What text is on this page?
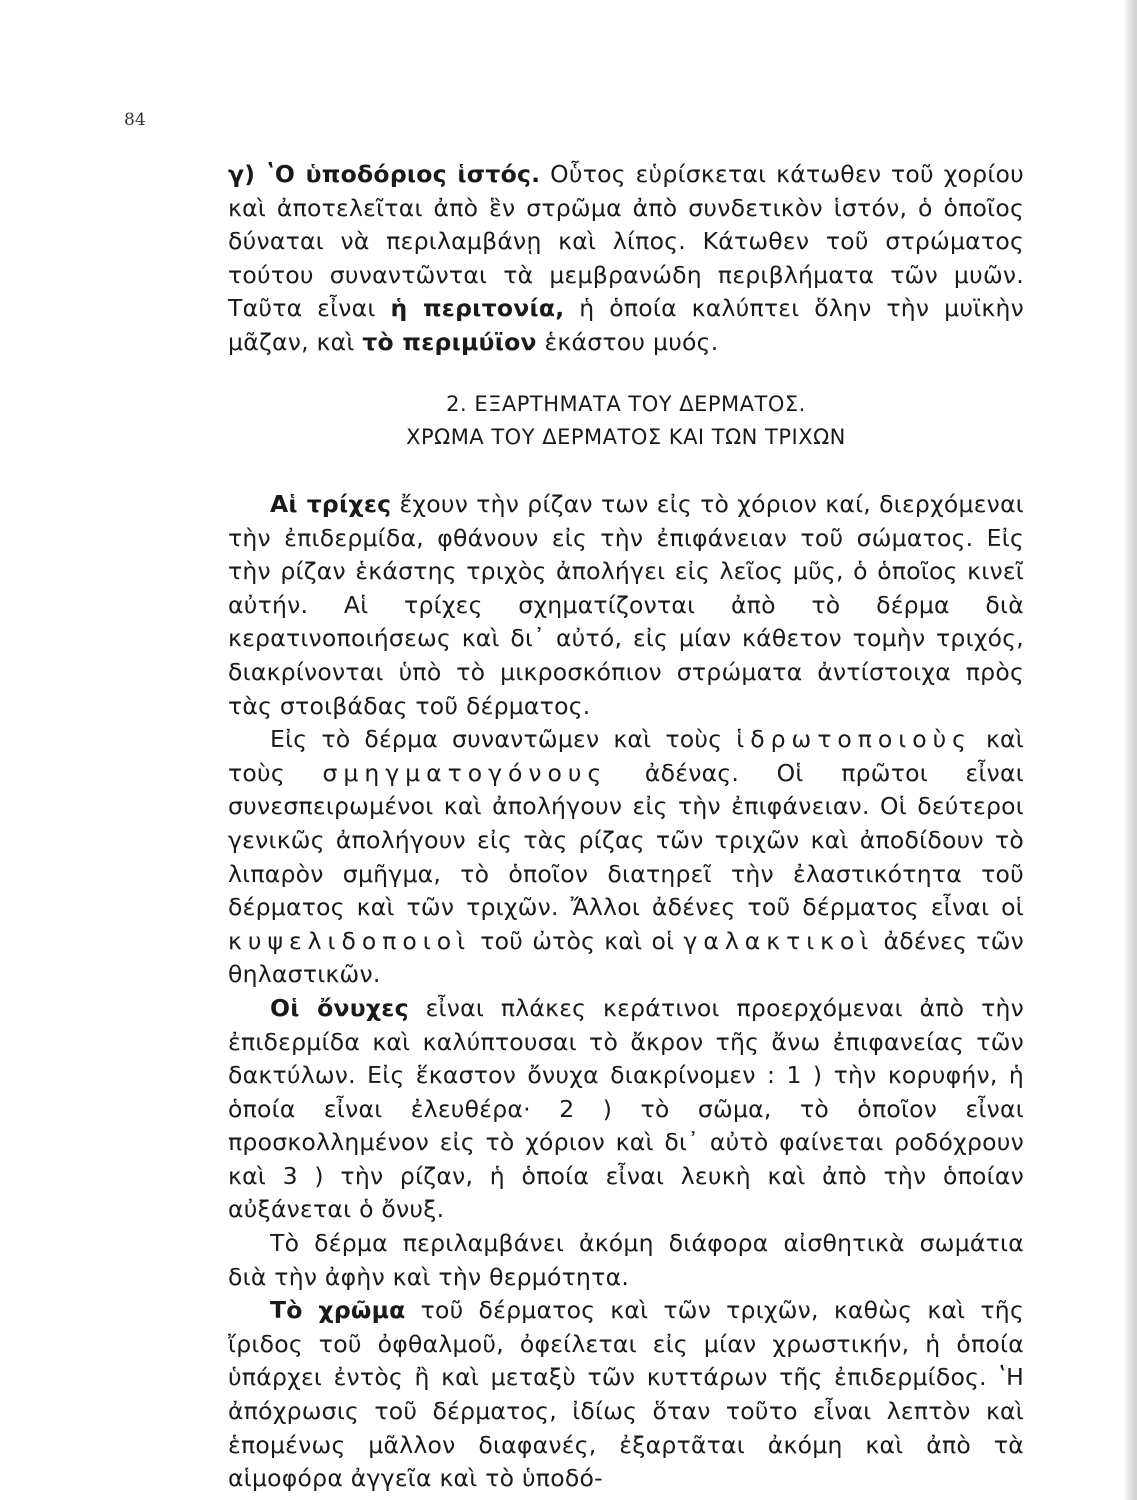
84

γ) ʽΟ ὑποδόριος ἱστός. Οὗτος εὑρίσκεται κάτωθεν τοῦ χορίου καὶ ἀποτελεῖται ἀπὸ ἓν στρῶμα ἀπὸ συνδετικὸν ἱστόν, ὁ ὁποῖος δύναται νὰ περιλαμβάνῃ καὶ λίπος. Κάτωθεν τοῦ στρώματος τούτου συναντῶνται τὰ μεμβρανώδη περιβλήματα τῶν μυῶν. Ταῦτα εἶναι ἡ περιτονία, ἡ ὁποία καλύπτει ὅλην τὴν μυϊκὴν μᾶζαν, καὶ τὸ περιμύϊον ἑκάστου μυός.

2. ΕΞΑΡΤΗΜΑΤΑ ΤΟΥ ΔΕΡΜΑΤΟΣ.
ΧΡΩΜΑ ΤΟΥ ΔΕΡΜΑΤΟΣ ΚΑΙ ΤΩΝ ΤΡΙΧΩΝ

Αἱ τρίχες ἔχουν τὴν ρίζαν των εἰς τὸ χόριον καί, διερχόμεναι τὴν ἐπιδερμίδα, φθάνουν εἰς τὴν ἐπιφάνειαν τοῦ σώματος. Εἰς τὴν ρίζαν ἑκάστης τριχὸς ἀπολήγει εἰς λεῖος μῦς, ὁ ὁποῖος κινεῖ αὐτήν. Αἱ τρίχες σχηματίζονται ἀπὸ τὸ δέρμα διὰ κερατινοποιήσεως καὶ δι᾽ αὐτό, εἰς μίαν κάθετον τομὴν τριχός, διακρίνονται ὑπὸ τὸ μικροσκόπιον στρώματα ἀντίστοιχα πρὸς τὰς στοιβάδας τοῦ δέρματος.

Εἰς τὸ δέρμα συναντῶμεν καὶ τοὺς ἱδρωτοποιοὺς καὶ τοὺς σμηγματογόνους ἀδένας. Οἱ πρῶτοι εἶναι συνεσπειρωμένοι καὶ ἀπολήγουν εἰς τὴν ἐπιφάνειαν. Οἱ δεύτεροι γενικῶς ἀπολήγουν εἰς τὰς ρίζας τῶν τριχῶν καὶ ἀποδίδουν τὸ λιπαρὸν σμῆγμα, τὸ ὁποῖον διατηρεῖ τὴν ἐλαστικότητα τοῦ δέρματος καὶ τῶν τριχῶν. Ἄλλοι ἀδένες τοῦ δέρματος εἶναι οἱ κυψελιδοποιοὶ τοῦ ὠτὸς καὶ οἱ γαλακτικοὶ ἀδένες τῶν θηλαστικῶν.

Οἱ ὄνυχες εἶναι πλάκες κεράτινοι προερχόμεναι ἀπὸ τὴν ἐπιδερμίδα καὶ καλύπτουσαι τὸ ἄκρον τῆς ἄνω ἐπιφανείας τῶν δακτύλων. Εἰς ἕκαστον ὄνυχα διακρίνομεν : 1 ) τὴν κορυφήν, ἡ ὁποία εἶναι ἐλευθέρα· 2 ) τὸ σῶμα, τὸ ὁποῖον εἶναι προσκολλημένον εἰς τὸ χόριον καὶ δι᾽ αὐτὸ φαίνεται ροδόχρουν καὶ 3 ) τὴν ρίζαν, ἡ ὁποία εἶναι λευκὴ καὶ ἀπὸ τὴν ὁποίαν αὐξάνεται ὁ ὄνυξ.

Τὸ δέρμα περιλαμβάνει ἀκόμη διάφορα αἰσθητικὰ σωμάτια διὰ τὴν ἀφὴν καὶ τὴν θερμότητα.

Τὸ χρῶμα τοῦ δέρματος καὶ τῶν τριχῶν, καθὼς καὶ τῆς ἴριδος τοῦ ὀφθαλμοῦ, ὀφείλεται εἰς μίαν χρωστικήν, ἡ ὁποία ὑπάρχει ἐντὸς ἢ καὶ μεταξὺ τῶν κυττάρων τῆς ἐπιδερμίδος. ʽΗ ἀπόχρωσις τοῦ δέρματος, ἰδίως ὅταν τοῦτο εἶναι λεπτὸν καὶ ἑπομένως μᾶλλον διαφανές, ἐξαρτᾶται ἀκόμη καὶ ἀπὸ τὰ αἱμοφόρα ἀγγεῖα καὶ τὸ ὑποδό-
